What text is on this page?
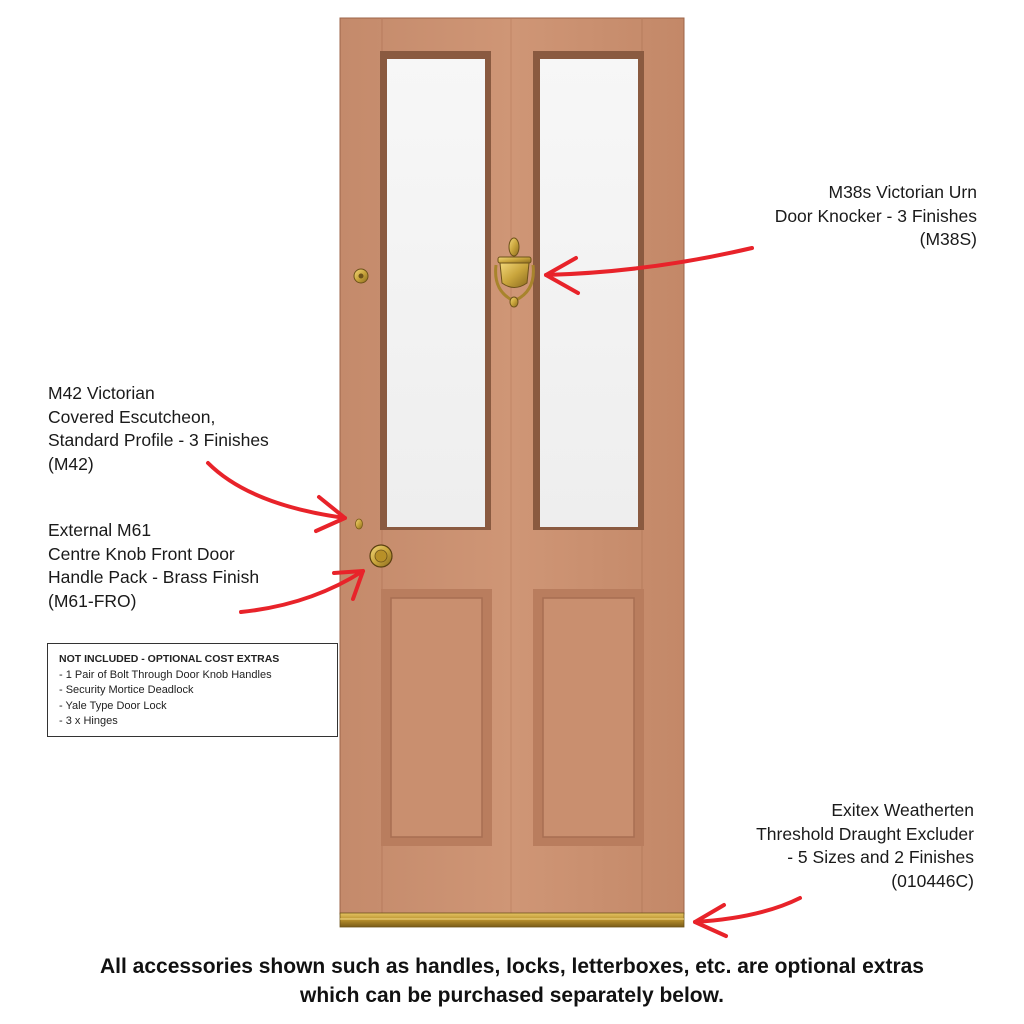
M38s Victorian Urn
Door Knocker - 3 Finishes
(M38S)
M42 Victorian
Covered Escutcheon,
Standard Profile - 3 Finishes
(M42)
External M61
Centre Knob Front Door
Handle Pack - Brass Finish
(M61-FRO)
Exitex Weatherten
Threshold Draught Excluder
- 5 Sizes and 2 Finishes
(010446C)
NOT INCLUDED - OPTIONAL COST EXTRAS
- 1 Pair of Bolt Through Door Knob Handles
- Security Mortice Deadlock
- Yale Type Door Lock
- 3 x Hinges
All accessories shown such as handles, locks, letterboxes, etc. are optional extras
which can be purchased separately below.
